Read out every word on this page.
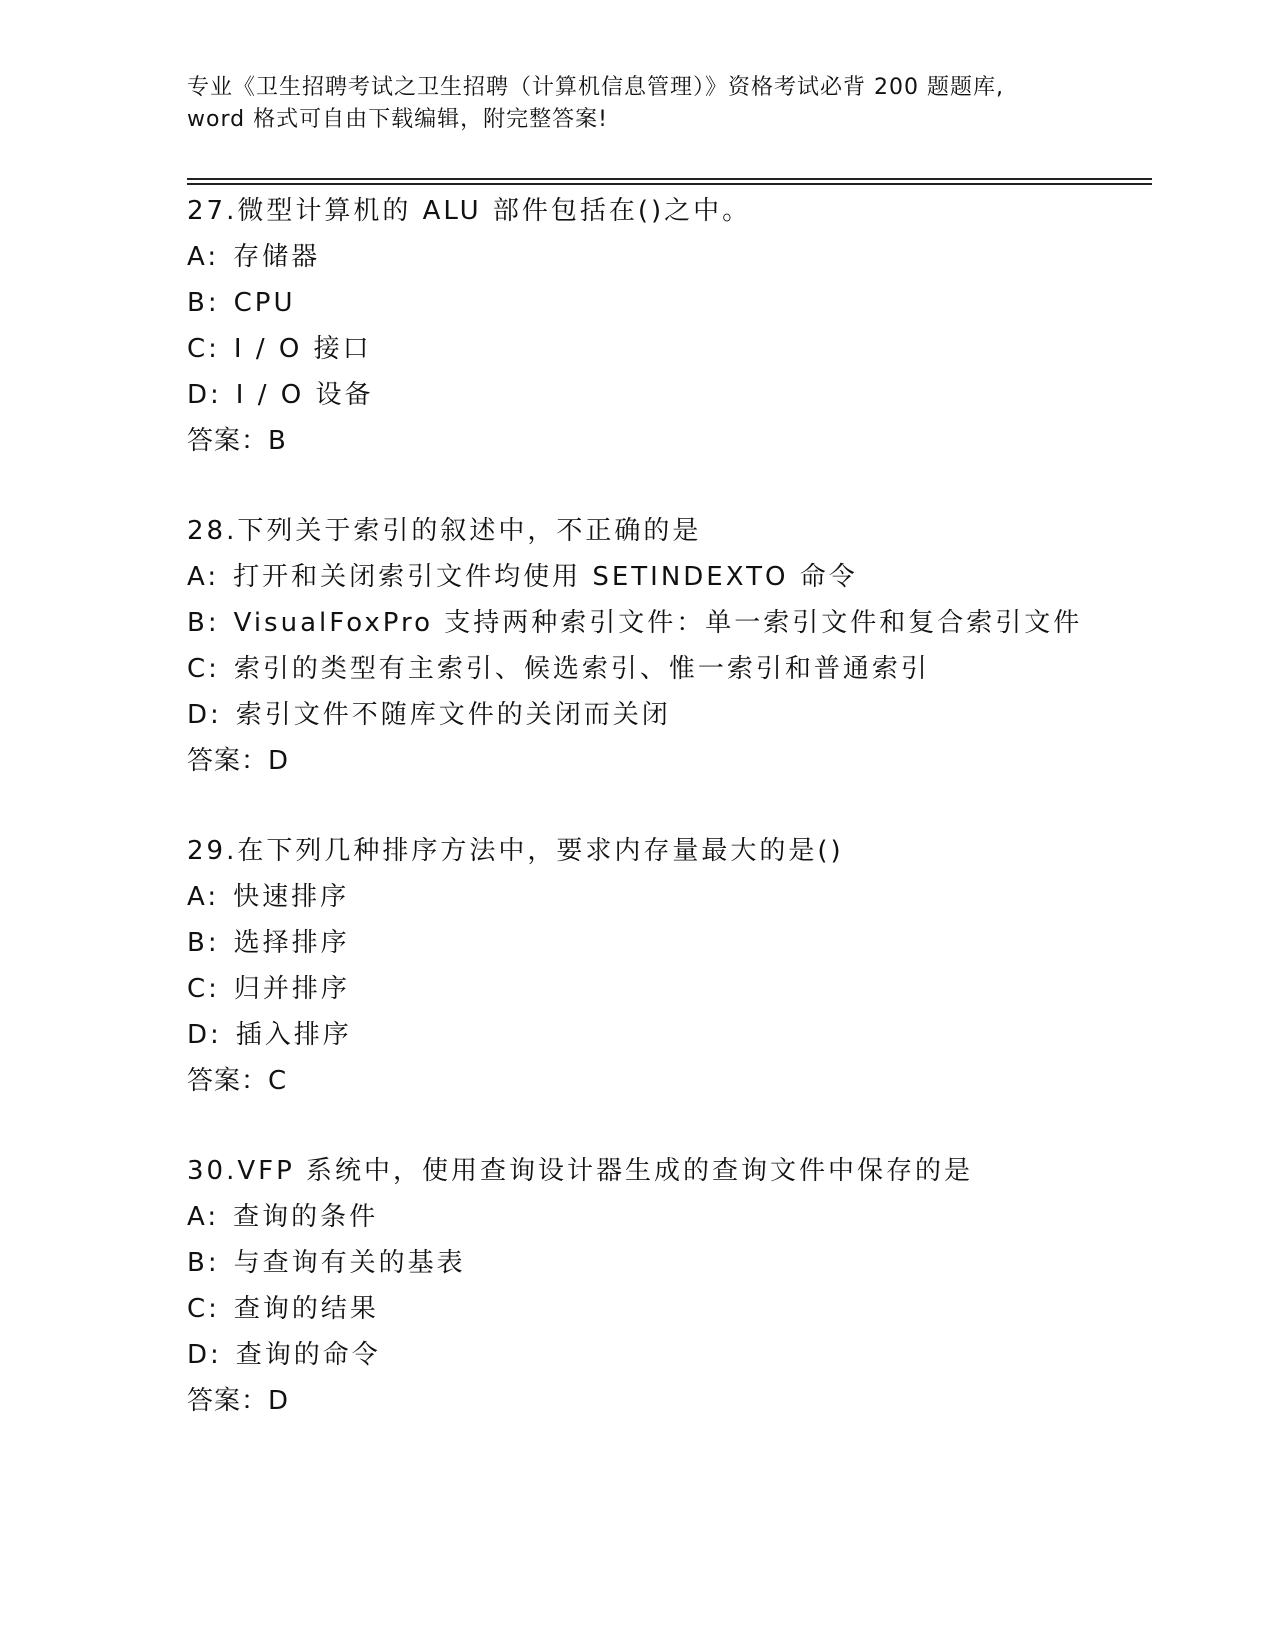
专业《卫生招聘考试之卫生招聘（计算机信息管理）》资格考试必背 200 题题库,
word 格式可自由下载编辑，附完整答案!
27.微型计算机的 ALU 部件包括在()之中。
A: 存储器
B: CPU
C: I / O 接口
D: I / O 设备
答案：B
28.下列关于索引的叙述中，不正确的是
A: 打开和关闭索引文件均使用 SETINDEXTO 命令
B: VisualFoxPro 支持两种索引文件：单一索引文件和复合索引文件
C: 索引的类型有主索引、候选索引、惟一索引和普通索引
D: 索引文件不随库文件的关闭而关闭
答案：D
29.在下列几种排序方法中，要求内存量最大的是()
A: 快速排序
B: 选择排序
C: 归并排序
D: 插入排序
答案：C
30.VFP 系统中，使用查询设计器生成的查询文件中保存的是
A: 查询的条件
B: 与查询有关的基表
C: 查询的结果
D: 查询的命令
答案：D
